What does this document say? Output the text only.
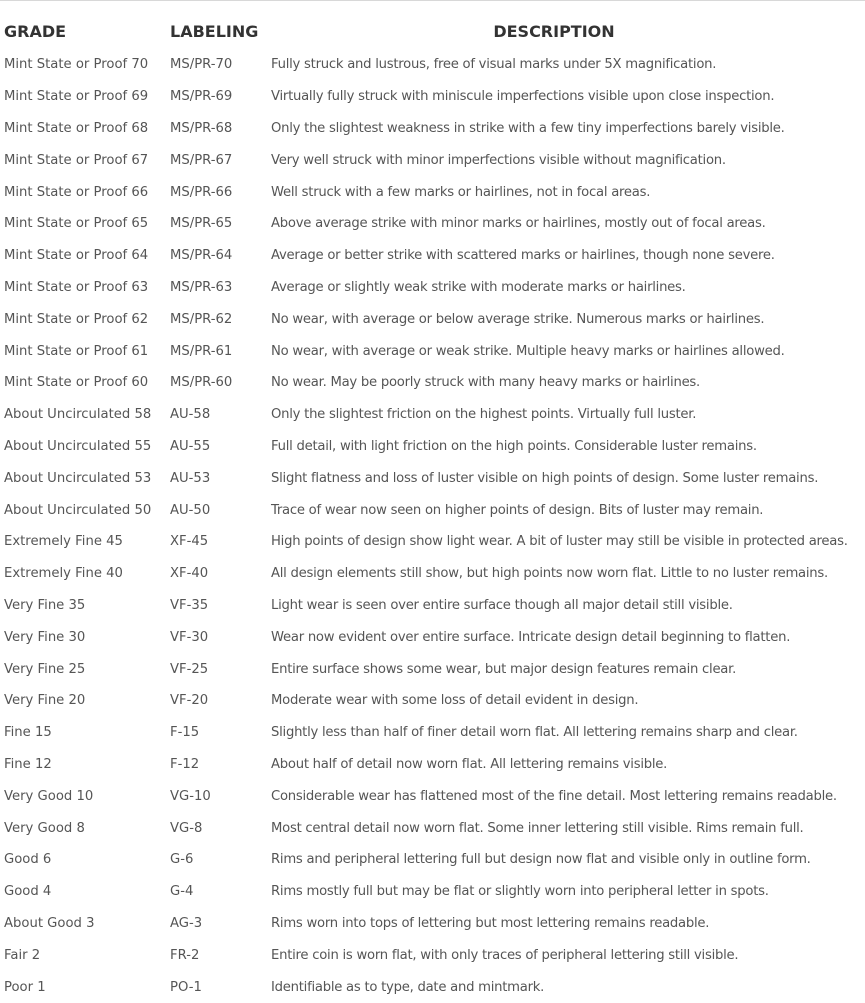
GRADE	LABELING	DESCRIPTION
Mint State or Proof 70	MS/PR-70	Fully struck and lustrous, free of visual marks under 5X magnification.
Mint State or Proof 69	MS/PR-69	Virtually fully struck with miniscule imperfections visible upon close inspection.
Mint State or Proof 68	MS/PR-68	Only the slightest weakness in strike with a few tiny imperfections barely visible.
Mint State or Proof 67	MS/PR-67	Very well struck with minor imperfections visible without magnification.
Mint State or Proof 66	MS/PR-66	Well struck with a few marks or hairlines, not in focal areas.
Mint State or Proof 65	MS/PR-65	Above average strike with minor marks or hairlines, mostly out of focal areas.
Mint State or Proof 64	MS/PR-64	Average or better strike with scattered marks or hairlines, though none severe.
Mint State or Proof 63	MS/PR-63	Average or slightly weak strike with moderate marks or hairlines.
Mint State or Proof 62	MS/PR-62	No wear, with average or below average strike. Numerous marks or hairlines.
Mint State or Proof 61	MS/PR-61	No wear, with average or weak strike. Multiple heavy marks or hairlines allowed.
Mint State or Proof 60	MS/PR-60	No wear. May be poorly struck with many heavy marks or hairlines.
About Uncirculated 58	AU-58	Only the slightest friction on the highest points. Virtually full luster.
About Uncirculated 55	AU-55	Full detail, with light friction on the high points. Considerable luster remains.
About Uncirculated 53	AU-53	Slight flatness and loss of luster visible on high points of design. Some luster remains.
About Uncirculated 50	AU-50	Trace of wear now seen on higher points of design. Bits of luster may remain.
Extremely Fine 45	XF-45	High points of design show light wear. A bit of luster may still be visible in protected areas.
Extremely Fine 40	XF-40	All design elements still show, but high points now worn flat. Little to no luster remains.
Very Fine 35	VF-35	Light wear is seen over entire surface though all major detail still visible.
Very Fine 30	VF-30	Wear now evident over entire surface. Intricate design detail beginning to flatten.
Very Fine 25	VF-25	Entire surface shows some wear, but major design features remain clear.
Very Fine 20	VF-20	Moderate wear with some loss of detail evident in design.
Fine 15	F-15	Slightly less than half of finer detail worn flat. All lettering remains sharp and clear.
Fine 12	F-12	About half of detail now worn flat. All lettering remains visible.
Very Good 10	VG-10	Considerable wear has flattened most of the fine detail. Most lettering remains readable.
Very Good 8	VG-8	Most central detail now worn flat. Some inner lettering still visible. Rims remain full.
Good 6	G-6	Rims and peripheral lettering full but design now flat and visible only in outline form.
Good 4	G-4	Rims mostly full but may be flat or slightly worn into peripheral letter in spots.
About Good 3	AG-3	Rims worn into tops of lettering but most lettering remains readable.
Fair 2	FR-2	Entire coin is worn flat, with only traces of peripheral lettering still visible.
Poor 1	PO-1	Identifiable as to type, date and mintmark.
